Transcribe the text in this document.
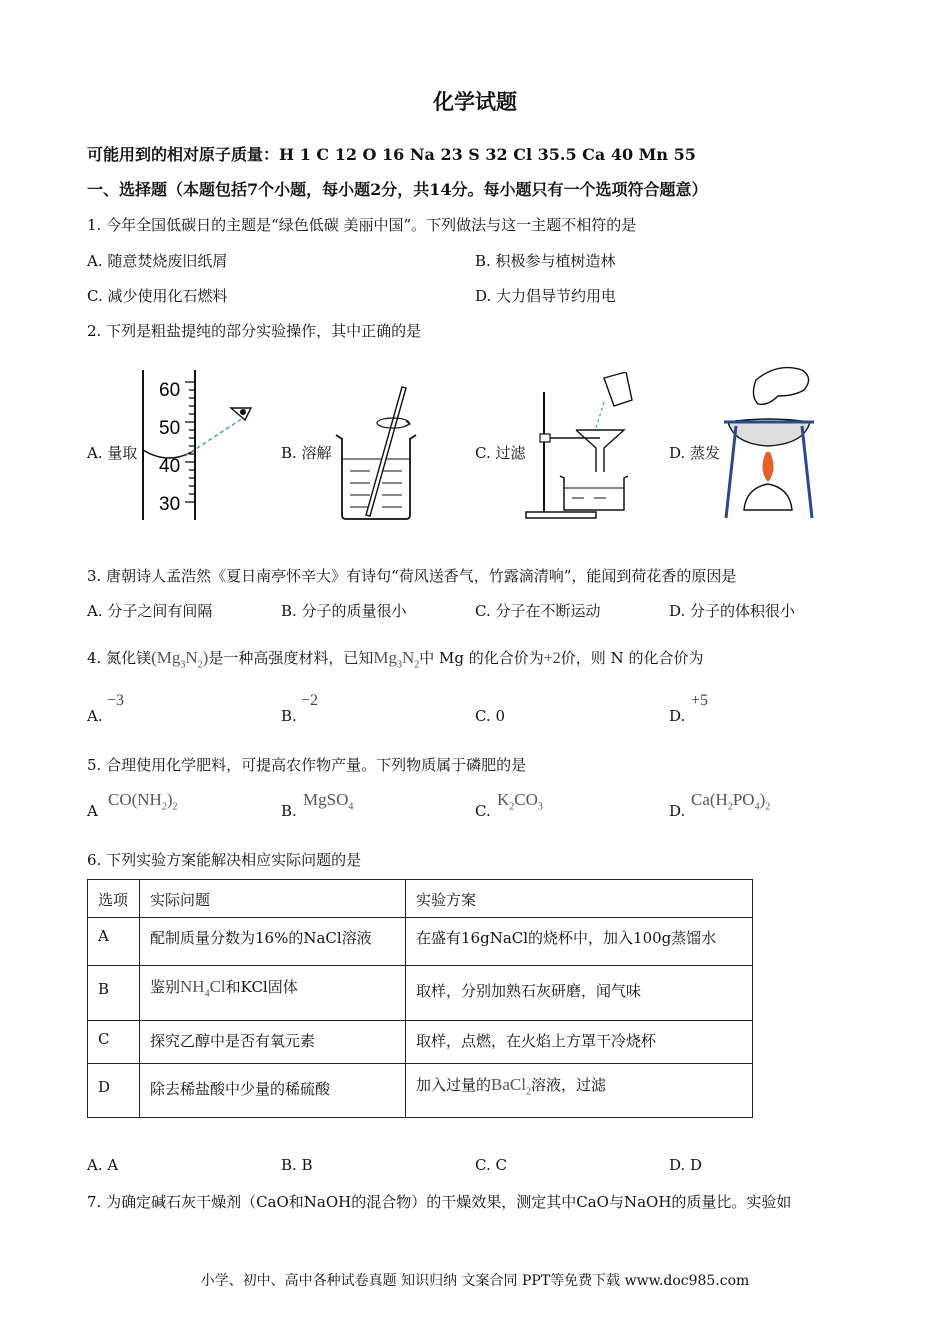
化学试题
可能用到的相对原子质量：H 1 C 12 O 16 Na 23 S 32 Cl 35.5 Ca 40 Mn 55
一、选择题（本题包括7个小题，每小题2分，共14分。每小题只有一个选项符合题意）
1. 今年全国低碳日的主题是“绿色低碳 美丽中国”。下列做法与这一主题不相符的是
A. 随意焚烧废旧纸屑	B. 积极参与植树造林
C. 减少使用化石燃料	D. 大力倡导节约用电
2. 下列是粗盐提纯的部分实验操作，其中正确的是
A. 量取	B. 溶解	C. 过滤	D. 蒸发
60
50
40
30
3. 唐朝诗人孟浩然《夏日南亭怀辛大》有诗句“荷风送香气，竹露滴清响”，能闻到荷花香的原因是
A. 分子之间有间隔	B. 分子的质量很小	C. 分子在不断运动	D. 分子的体积很小
4. 氮化镁$(Mg_3N_2)$是一种高强度材料，已知$Mg_3N_2$中 Mg 的化合价为+2价，则 N 的化合价为
A.
−3
B.
−2
C. 0	D.
+5
5. 合理使用化学肥料，可提高农作物产量。下列物质属于磷肥的是
A
$CO(NH_2)_2$	B.
MgSO$_4$	C.
$K_2CO_3$	D.
$Ca(H_2PO_4)_2$
6. 下列实验方案能解决相应实际问题的是
选项	实际问题	实验方案
A	配制质量分数为16%的NaCl溶液	在盛有16gNaCl的烧杯中，加入100g蒸馏水
B	鉴别$NH_4Cl$和KCl固体	取样，分别加熟石灰研磨，闻气味
C	探究乙醇中是否有氧元素	取样，点燃，在火焰上方罩干冷烧杯
D	除去稀盐酸中少量的稀硫酸	加入过量的BaCl$_2$溶液，过滤
A. A	B. B	C. C	D. D
7. 为确定碱石灰干燥剂（CaO和NaOH的混合物）的干燥效果，测定其中CaO与NaOH的质量比。实验如
小学、初中、高中各种试卷真题 知识归纳 文案合同 PPT等免费下载 www.doc985.com
